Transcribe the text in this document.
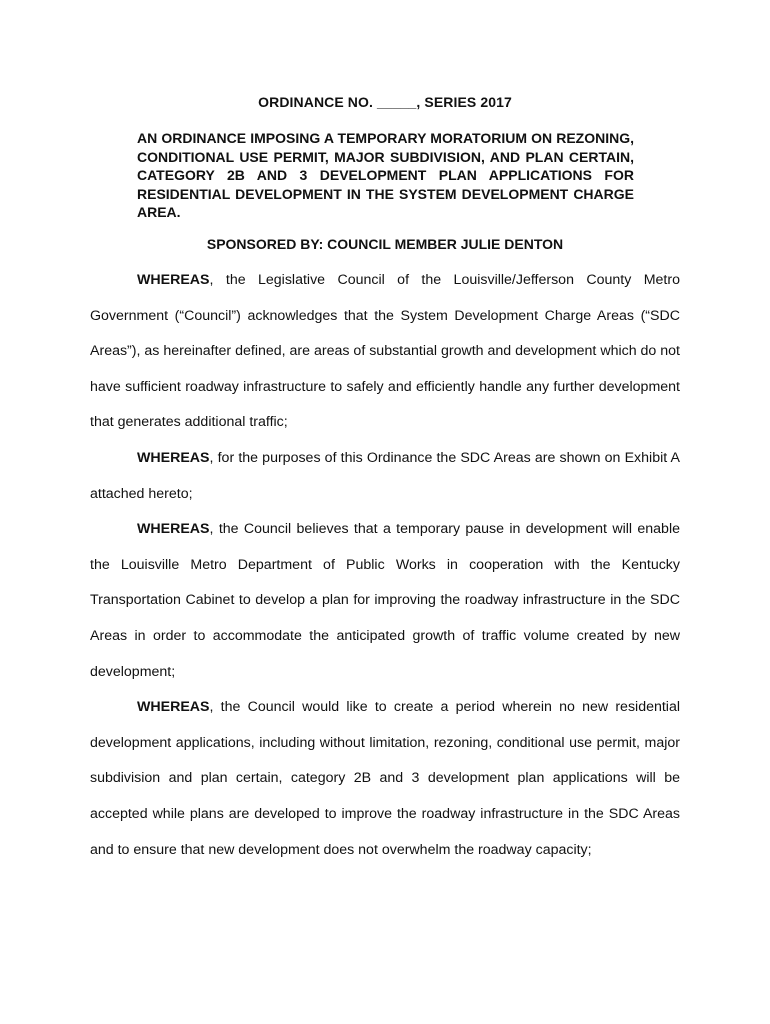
ORDINANCE NO. _____, SERIES 2017
AN ORDINANCE IMPOSING A TEMPORARY MORATORIUM ON REZONING, CONDITIONAL USE PERMIT, MAJOR SUBDIVISION, AND PLAN CERTAIN, CATEGORY 2B AND 3 DEVELOPMENT PLAN APPLICATIONS FOR RESIDENTIAL DEVELOPMENT IN THE SYSTEM DEVELOPMENT CHARGE AREA.
SPONSORED BY: COUNCIL MEMBER JULIE DENTON

WHEREAS, the Legislative Council of the Louisville/Jefferson County Metro Government (“Council”) acknowledges that the System Development Charge Areas (“SDC Areas”), as hereinafter defined, are areas of substantial growth and development which do not have sufficient roadway infrastructure to safely and efficiently handle any further development that generates additional traffic;

WHEREAS, for the purposes of this Ordinance the SDC Areas are shown on Exhibit A attached hereto;

WHEREAS, the Council believes that a temporary pause in development will enable the Louisville Metro Department of Public Works in cooperation with the Kentucky Transportation Cabinet to develop a plan for improving the roadway infrastructure in the SDC Areas in order to accommodate the anticipated growth of traffic volume created by new development;

WHEREAS, the Council would like to create a period wherein no new residential development applications, including without limitation, rezoning, conditional use permit, major subdivision and plan certain, category 2B and 3 development plan applications will be accepted while plans are developed to improve the roadway infrastructure in the SDC Areas and to ensure that new development does not overwhelm the roadway capacity;
